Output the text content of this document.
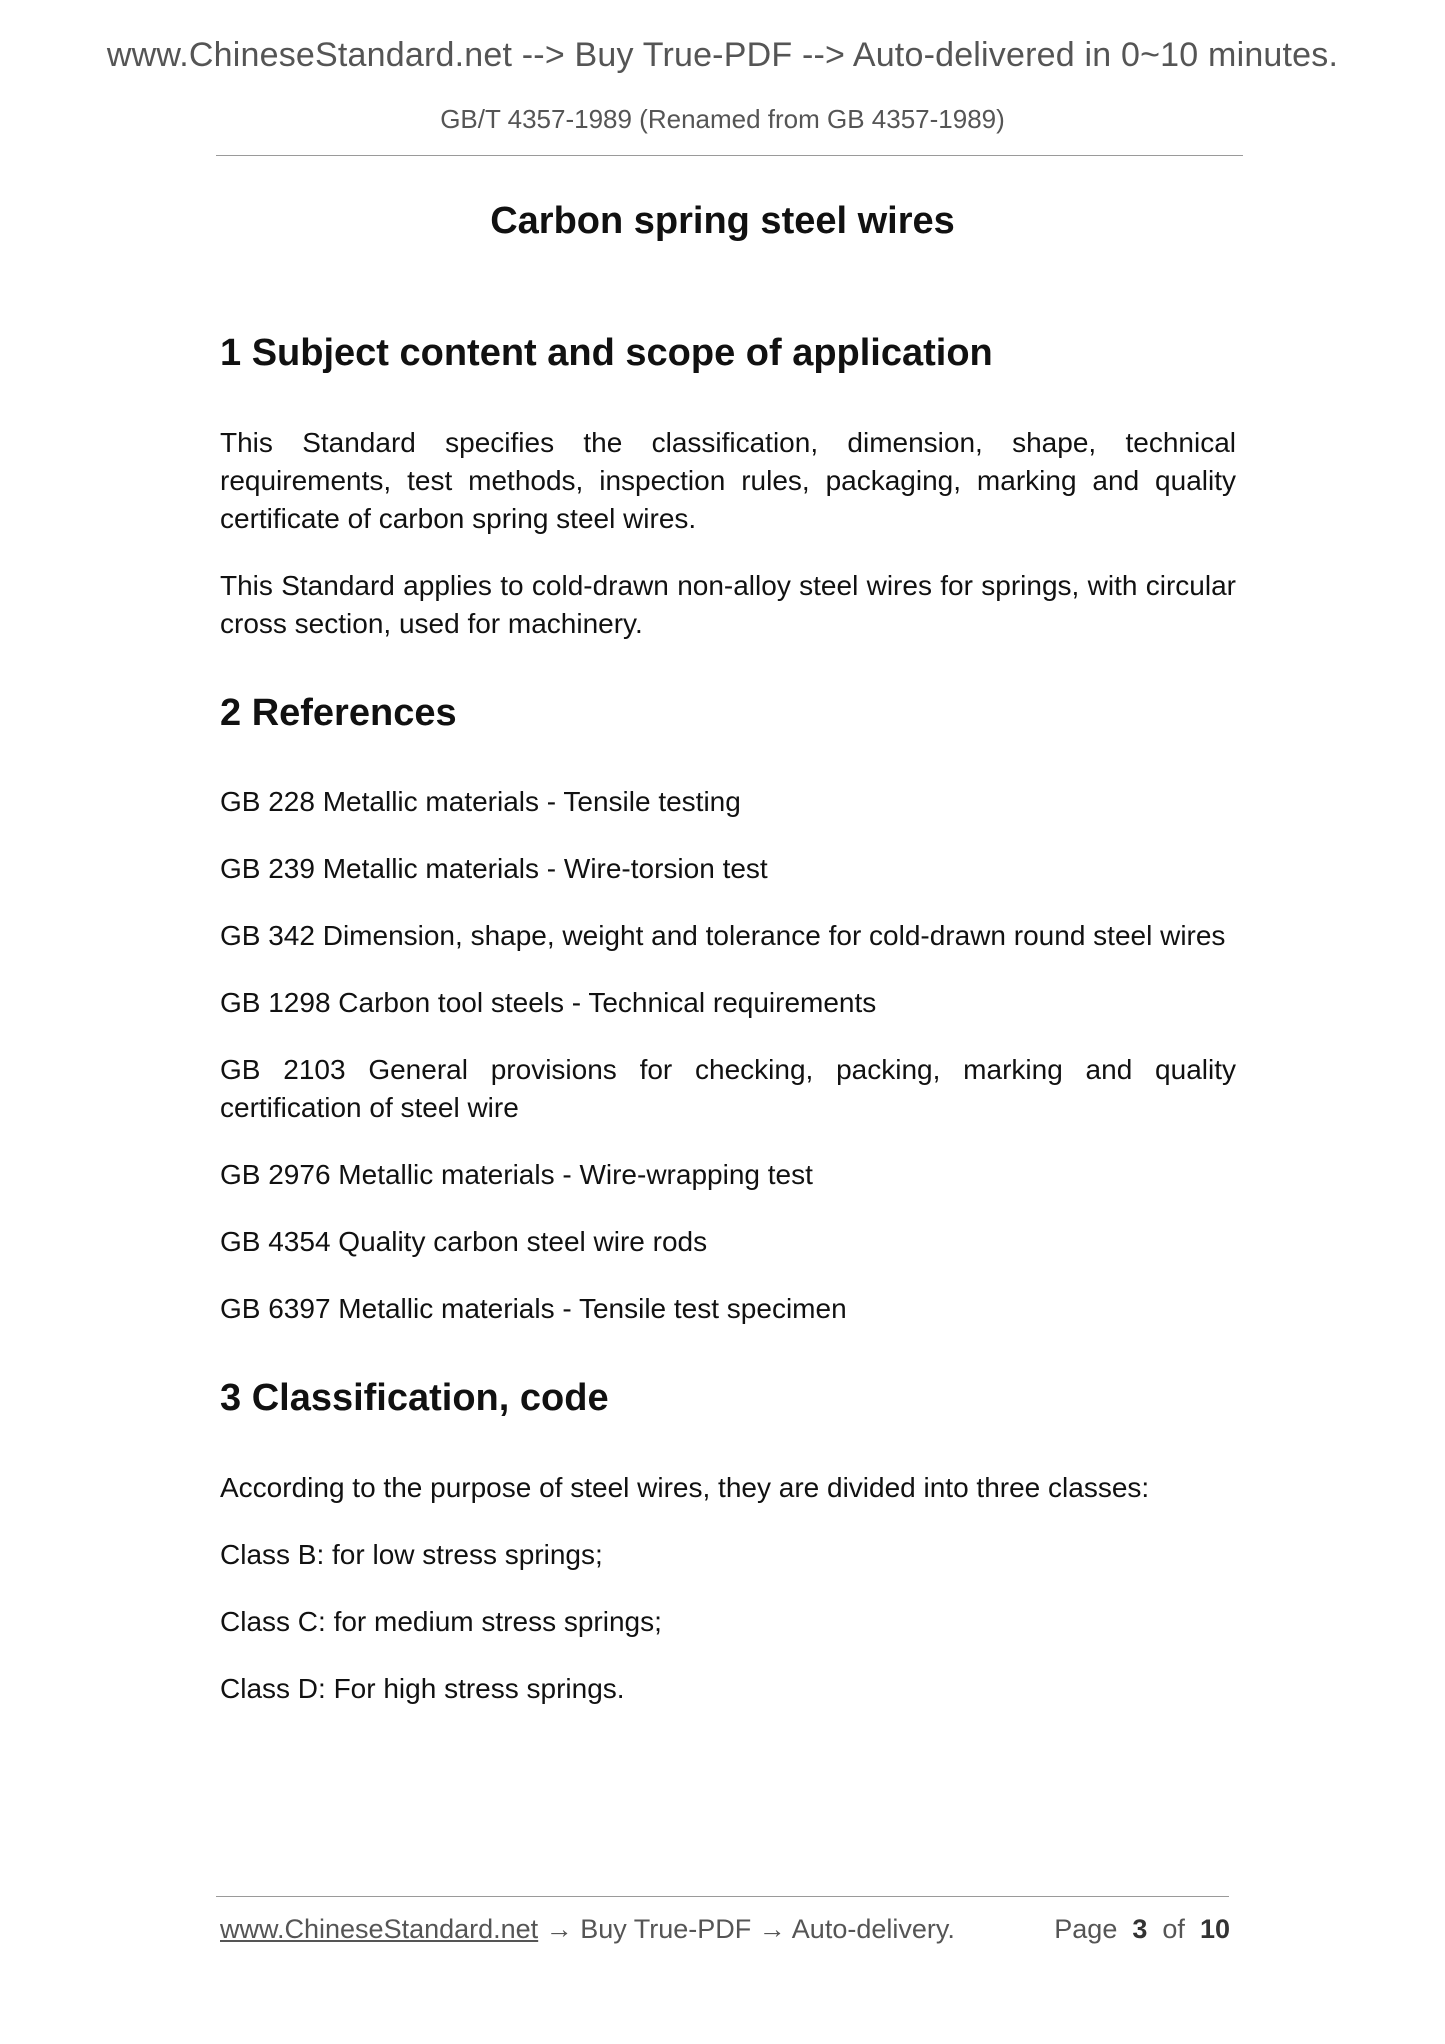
www.ChineseStandard.net --> Buy True-PDF --> Auto-delivered in 0~10 minutes.
GB/T 4357-1989 (Renamed from GB 4357-1989)
Carbon spring steel wires
1 Subject content and scope of application

This Standard specifies the classification, dimension, shape, technical requirements, test methods, inspection rules, packaging, marking and quality certificate of carbon spring steel wires.

This Standard applies to cold-drawn non-alloy steel wires for springs, with circular cross section, used for machinery.

2 References

GB 228 Metallic materials - Tensile testing

GB 239 Metallic materials - Wire-torsion test

GB 342 Dimension, shape, weight and tolerance for cold-drawn round steel wires

GB 1298 Carbon tool steels - Technical requirements

GB 2103 General provisions for checking, packing, marking and quality certification of steel wire

GB 2976 Metallic materials - Wire-wrapping test

GB 4354 Quality carbon steel wire rods

GB 6397 Metallic materials - Tensile test specimen

3 Classification, code

According to the purpose of steel wires, they are divided into three classes:

Class B: for low stress springs;

Class C: for medium stress springs;

Class D: For high stress springs.

www.ChineseStandard.net → Buy True-PDF → Auto-delivery.	Page 3 of 10
